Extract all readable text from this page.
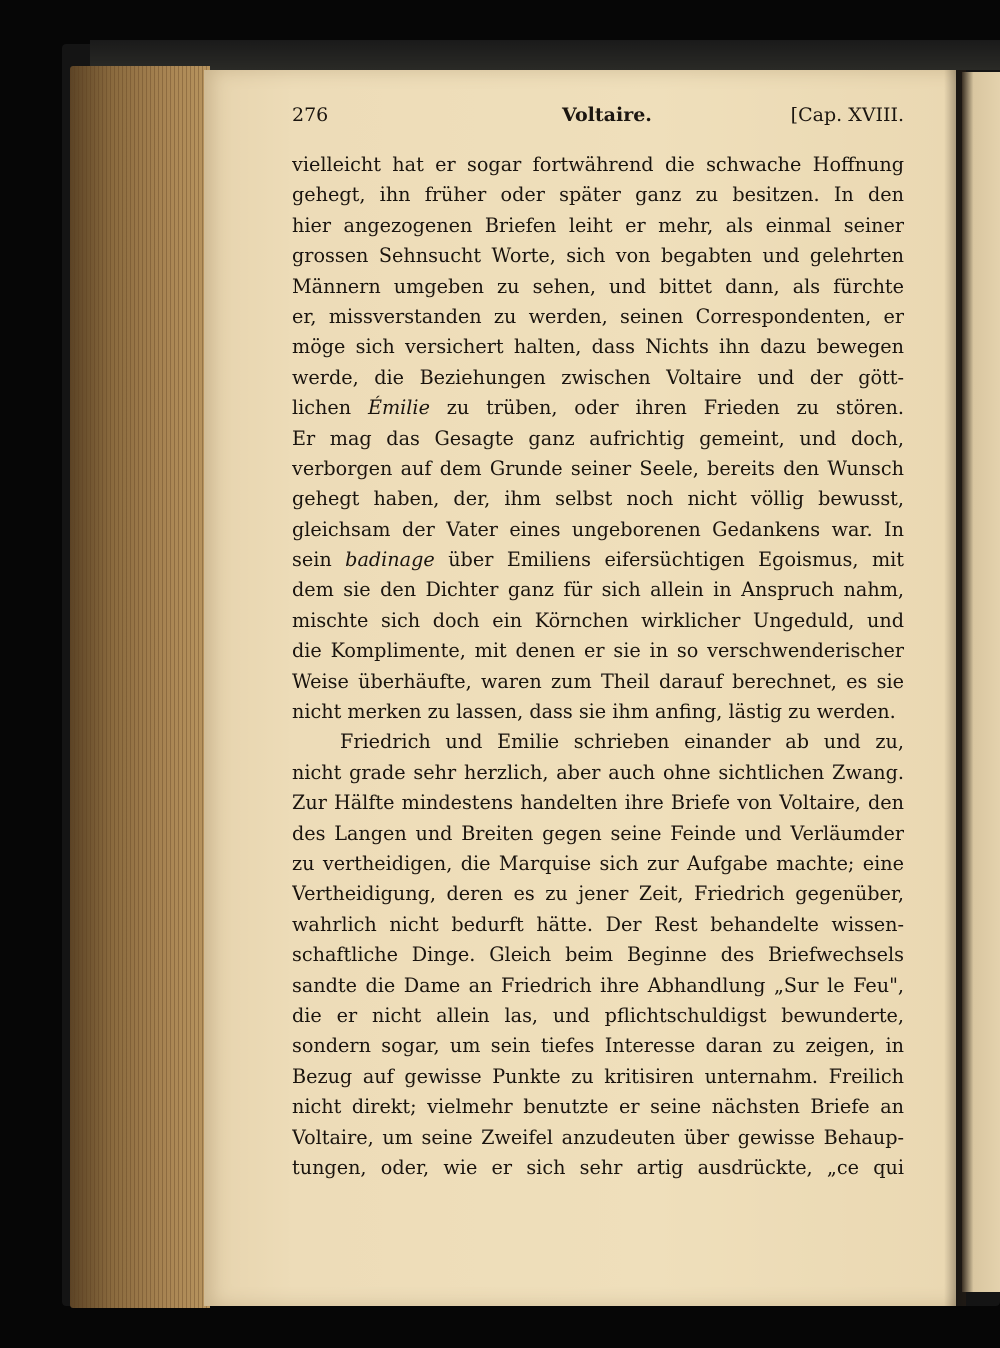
276	Voltaire.	[Cap. XVIII.
vielleicht hat er sogar fortwährend die schwache Hoffnung
gehegt, ihn früher oder später ganz zu besitzen. In den
hier angezogenen Briefen leiht er mehr, als einmal seiner
grossen Sehnsucht Worte, sich von begabten und gelehrten
Männern umgeben zu sehen, und bittet dann, als fürchte
er, missverstanden zu werden, seinen Correspondenten, er
möge sich versichert halten, dass Nichts ihn dazu bewegen
werde, die Beziehungen zwischen Voltaire und der gött-
lichen Émilie zu trüben, oder ihren Frieden zu stören.
Er mag das Gesagte ganz aufrichtig gemeint, und doch,
verborgen auf dem Grunde seiner Seele, bereits den Wunsch
gehegt haben, der, ihm selbst noch nicht völlig bewusst,
gleichsam der Vater eines ungeborenen Gedankens war. In
sein badinage über Emiliens eifersüchtigen Egoismus, mit
dem sie den Dichter ganz für sich allein in Anspruch nahm,
mischte sich doch ein Körnchen wirklicher Ungeduld, und
die Komplimente, mit denen er sie in so verschwenderischer
Weise überhäufte, waren zum Theil darauf berechnet, es sie
nicht merken zu lassen, dass sie ihm anfing, lästig zu werden.
Friedrich und Emilie schrieben einander ab und zu,
nicht grade sehr herzlich, aber auch ohne sichtlichen Zwang.
Zur Hälfte mindestens handelten ihre Briefe von Voltaire, den
des Langen und Breiten gegen seine Feinde und Verläumder
zu vertheidigen, die Marquise sich zur Aufgabe machte; eine
Vertheidigung, deren es zu jener Zeit, Friedrich gegenüber,
wahrlich nicht bedurft hätte. Der Rest behandelte wissen-
schaftliche Dinge. Gleich beim Beginne des Briefwechsels
sandte die Dame an Friedrich ihre Abhandlung „Sur le Feu",
die er nicht allein las, und pflichtschuldigst bewunderte,
sondern sogar, um sein tiefes Interesse daran zu zeigen, in
Bezug auf gewisse Punkte zu kritisiren unternahm. Freilich
nicht direkt; vielmehr benutzte er seine nächsten Briefe an
Voltaire, um seine Zweifel anzudeuten über gewisse Behaup-
tungen, oder, wie er sich sehr artig ausdrückte, „ce qui
